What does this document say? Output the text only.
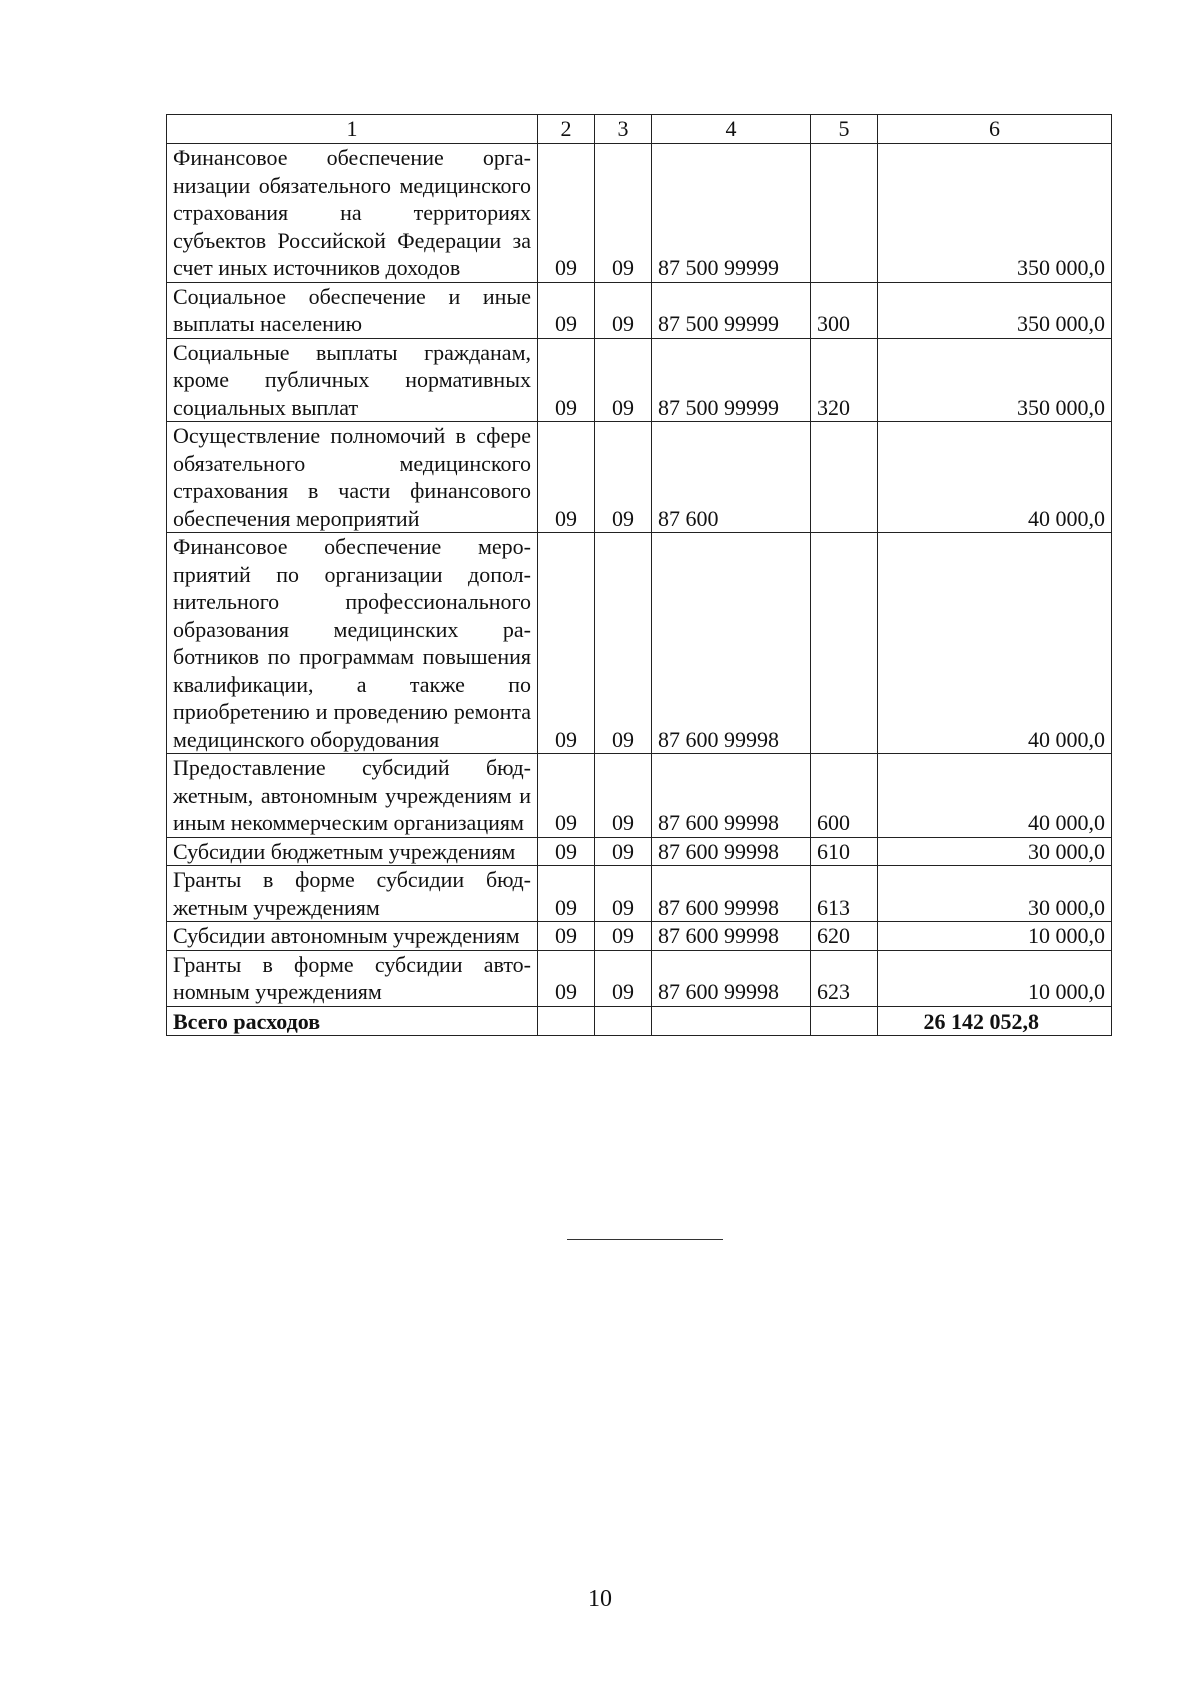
1	2	3	4	5	6
Финансовое обеспечение организации обязательного медицинского страхования на территориях субъектов Российской Федерации за счет иных источников доходов	09	09	87 500 99999		350 000,0
Социальное обеспечение и иные выплаты населению	09	09	87 500 99999	300	350 000,0
Социальные выплаты гражданам, кроме публичных нормативных социальных выплат	09	09	87 500 99999	320	350 000,0
Осуществление полномочий в сфере обязательного медицинского страхования в части финансового обеспечения мероприятий	09	09	87 600		40 000,0
Финансовое обеспечение мероприятий по организации дополнительного профессионального образования медицинских работников по программам повышения квалификации, а также по приобретению и проведению ремонта медицинского оборудования	09	09	87 600 99998		40 000,0
Предоставление субсидий бюджетным, автономным учреждениям и иным некоммерческим организациям	09	09	87 600 99998	600	40 000,0
Субсидии бюджетным учреждениям	09	09	87 600 99998	610	30 000,0
Гранты в форме субсидии бюджетным учреждениям	09	09	87 600 99998	613	30 000,0
Субсидии автономным учреждениям	09	09	87 600 99998	620	10 000,0
Гранты в форме субсидии автономным учреждениям	09	09	87 600 99998	623	10 000,0
Всего расходов					26 142 052,8
10
